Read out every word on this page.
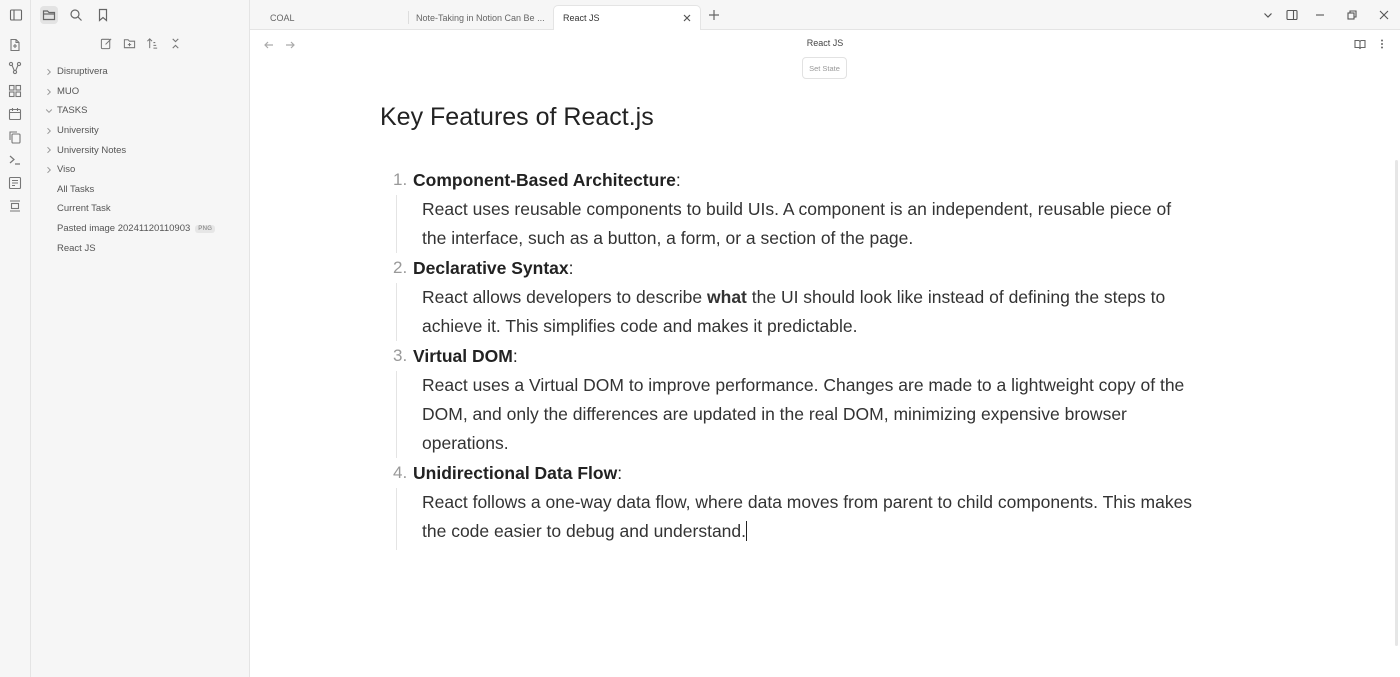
Disruptivera
MUO
TASKS
University
University Notes
Viso
All Tasks
Current Task
Pasted image 20241120110903	PNG
React JS
COAL	Note-Taking in Notion Can Be ... React JS
React JS
Set State
Key Features of React.js
1. Component-Based Architecture:
React uses reusable components to build UIs. A component is an independent, reusable piece of
the interface, such as a button, a form, or a section of the page.
2. Declarative Syntax:
React allows developers to describe what the UI should look like instead of defining the steps to
achieve it. This simplifies code and makes it predictable.
3. Virtual DOM:
React uses a Virtual DOM to improve performance. Changes are made to a lightweight copy of the
DOM, and only the differences are updated in the real DOM, minimizing expensive browser
operations.
4. Unidirectional Data Flow:
React follows a one-way data flow, where data moves from parent to child components. This makes
the code easier to debug and understand.
